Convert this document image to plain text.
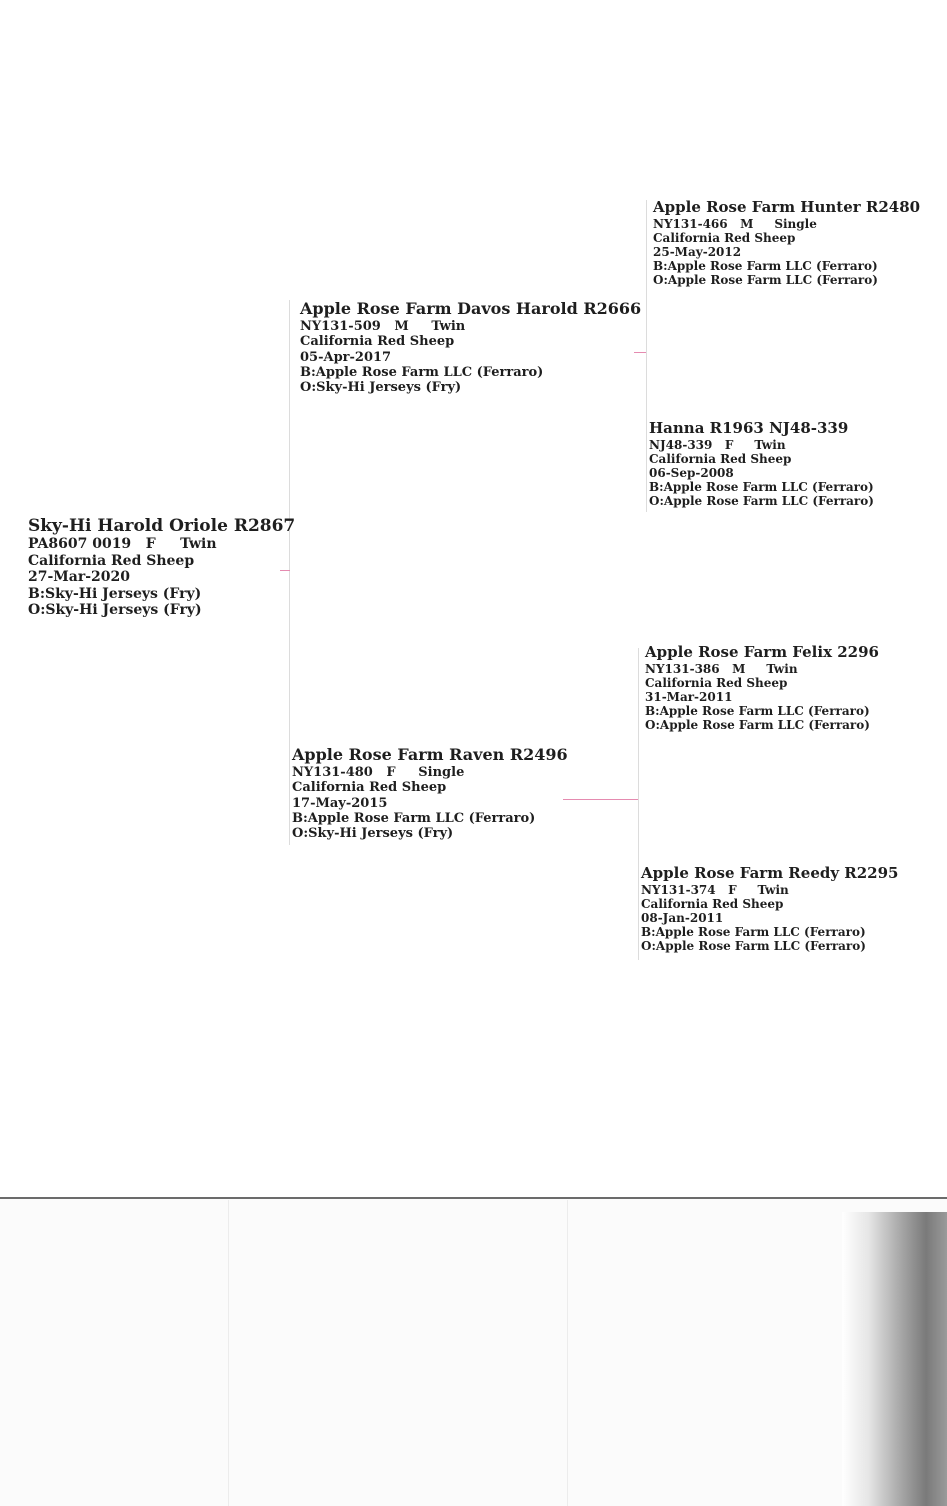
Sky-Hi Harold Oriole R2867
PA8607 0019   F     Twin
California Red Sheep
27-Mar-2020
B:Sky-Hi Jerseys (Fry)
O:Sky-Hi Jerseys (Fry)
Apple Rose Farm Davos Harold R2666
NY131-509   M     Twin
California Red Sheep
05-Apr-2017
B:Apple Rose Farm LLC (Ferraro)
O:Sky-Hi Jerseys (Fry)
Apple Rose Farm Raven R2496
NY131-480   F     Single
California Red Sheep
17-May-2015
B:Apple Rose Farm LLC (Ferraro)
O:Sky-Hi Jerseys (Fry)
Apple Rose Farm Hunter R2480
NY131-466   M     Single
California Red Sheep
25-May-2012
B:Apple Rose Farm LLC (Ferraro)
O:Apple Rose Farm LLC (Ferraro)
Hanna R1963 NJ48-339
NJ48-339   F     Twin
California Red Sheep
06-Sep-2008
B:Apple Rose Farm LLC (Ferraro)
O:Apple Rose Farm LLC (Ferraro)
Apple Rose Farm Felix 2296
NY131-386   M     Twin
California Red Sheep
31-Mar-2011
B:Apple Rose Farm LLC (Ferraro)
O:Apple Rose Farm LLC (Ferraro)
Apple Rose Farm Reedy R2295
NY131-374   F     Twin
California Red Sheep
08-Jan-2011
B:Apple Rose Farm LLC (Ferraro)
O:Apple Rose Farm LLC (Ferraro)
